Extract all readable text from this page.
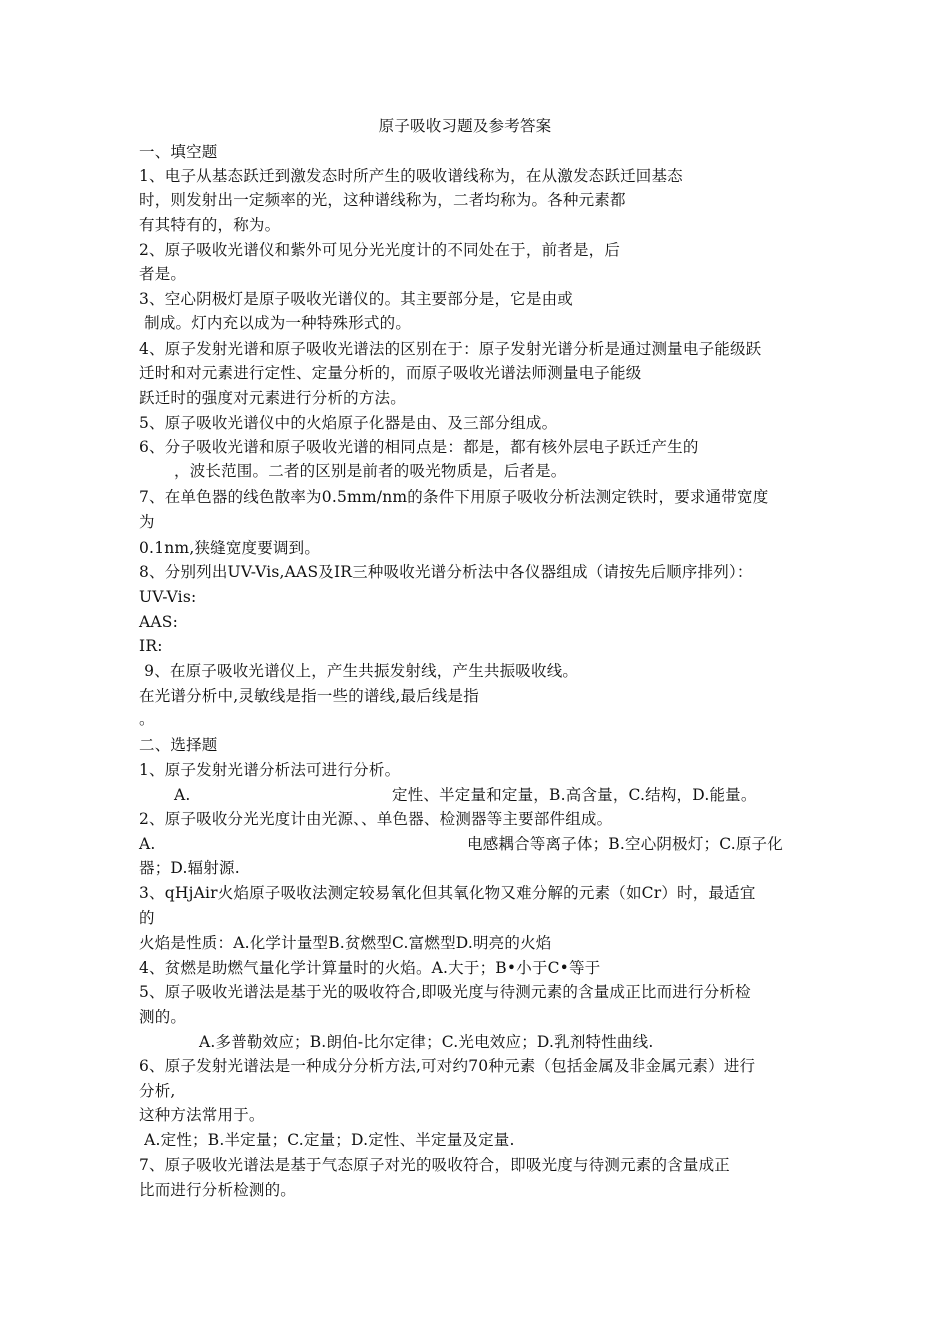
原子吸收习题及参考答案
一、填空题
1、电子从基态跃迁到激发态时所产生的吸收谱线称为，在从激发态跃迁回基态
时，则发射出一定频率的光，这种谱线称为，二者均称为。各种元素都
有其特有的，称为。
2、原子吸收光谱仪和紫外可见分光光度计的不同处在于，前者是，后
者是。
3、空心阴极灯是原子吸收光谱仪的。其主要部分是，它是由或
制成。灯内充以成为一种特殊形式的。
4、原子发射光谱和原子吸收光谱法的区别在于：原子发射光谱分析是通过测量电子能级跃
迁时和对元素进行定性、定量分析的，而原子吸收光谱法师测量电子能级
跃迁时的强度对元素进行分析的方法。
5、原子吸收光谱仪中的火焰原子化器是由、及三部分组成。
6、分子吸收光谱和原子吸收光谱的相同点是：都是，都有核外层电子跃迁产生的
，波长范围。二者的区别是前者的吸光物质是，后者是。
7、在单色器的线色散率为0.5mm/nm的条件下用原子吸收分析法测定铁时，要求通带宽度
为
0.1nm,狭缝宽度要调到。
8、分别列出UV-Vis,AAS及IR三种吸收光谱分析法中各仪器组成（请按先后顺序排列）：
UV-Vis:
AAS:
IR:
9、在原子吸收光谱仪上，产生共振发射线，产生共振吸收线。
在光谱分析中,灵敏线是指一些的谱线,最后线是指
。
二、选择题
1、原子发射光谱分析法可进行分析。
A.	定性、半定量和定量，B.高含量，C.结构，D.能量。
2、原子吸收分光光度计由光源、、单色器、检测器等主要部件组成。
A.	电感耦合等离子体；B.空心阴极灯；C.原子化
器；D.辐射源.
3、qHjAir火焰原子吸收法测定较易氧化但其氧化物又难分解的元素（如Cr）时，最适宜
的
火焰是性质：A.化学计量型B.贫燃型C.富燃型D.明亮的火焰
4、贫燃是助燃气量化学计算量时的火焰。A.大于；B•小于C•等于
5、原子吸收光谱法是基于光的吸收符合,即吸光度与待测元素的含量成正比而进行分析检
测的。
A.多普勒效应；B.朗伯-比尔定律；C.光电效应；D.乳剂特性曲线.
6、原子发射光谱法是一种成分分析方法,可对约70种元素（包括金属及非金属元素）进行
分析,
这种方法常用于。
A.定性；B.半定量；C.定量；D.定性、半定量及定量.
7、原子吸收光谱法是基于气态原子对光的吸收符合，即吸光度与待测元素的含量成正
比而进行分析检测的。
